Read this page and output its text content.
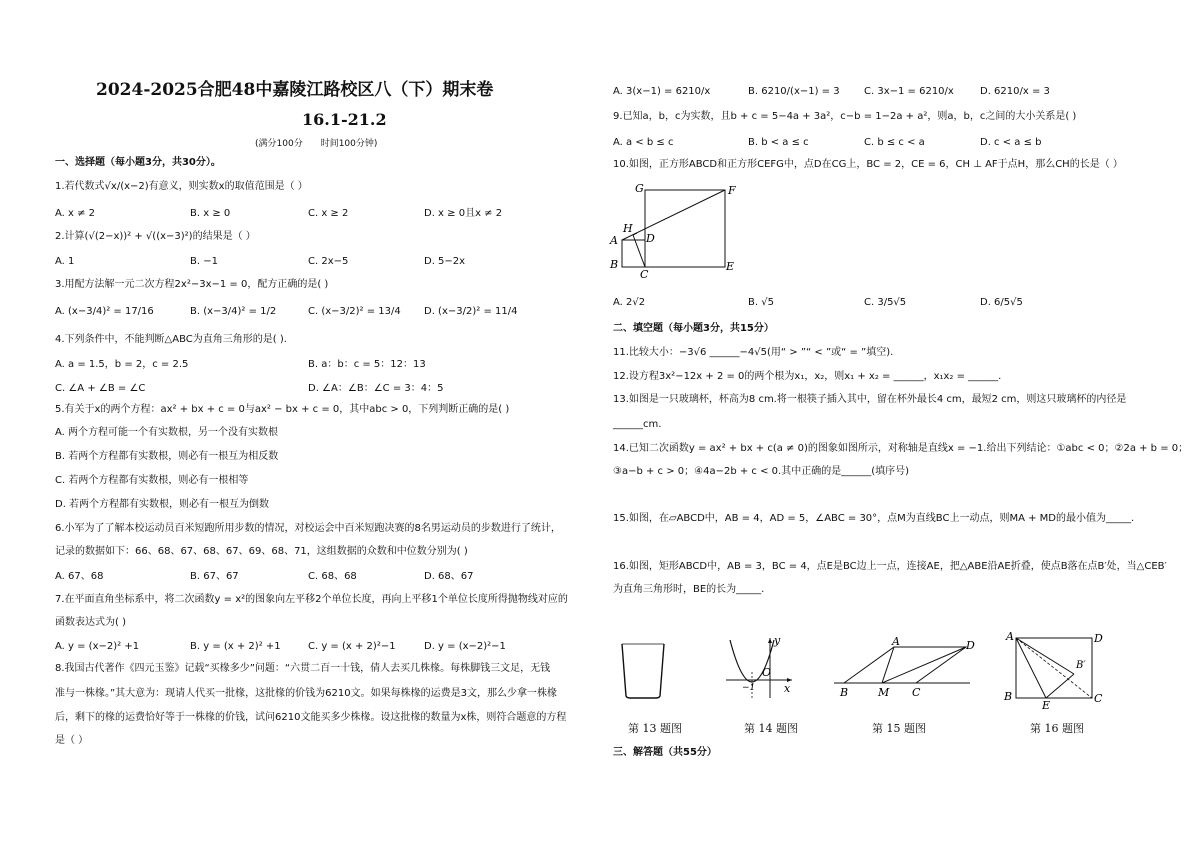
2024-2025合肥48中嘉陵江路校区八（下）期末卷
16.1-21.2
(满分100分　　时间100分钟)
一、选择题（每小题3分，共30分）。
1.若代数式√x/(x−2)有意义，则实数x的取值范围是（ ）
A. x ≠ 2	B. x ≥ 0	C. x ≥ 2	D. x ≥ 0且x ≠ 2
2.计算(√(2−x))² + √((x−3)²)的结果是（ ）
A. 1	B. −1	C. 2x−5	D. 5−2x
3.用配方法解一元二次方程2x²−3x−1 = 0，配方正确的是( )
A. (x−3/4)² = 17/16	B. (x−3/4)² = 1/2	C. (x−3/2)² = 13/4 D. (x−3/2)² = 11/4
4.下列条件中，不能判断△ABC为直角三角形的是( ).
A. a = 1.5，b = 2，c = 2.5	B. a：b：c = 5：12：13
C. ∠A + ∠B = ∠C	D. ∠A：∠B：∠C = 3：4：5
5.有关于x的两个方程：ax² + bx + c = 0与ax² − bx + c = 0，其中abc > 0，下列判断正确的是( )
A. 两个方程可能一个有实数根，另一个没有实数根
B. 若两个方程都有实数根，则必有一根互为相反数
C. 若两个方程都有实数根，则必有一根相等
D. 若两个方程都有实数根，则必有一根互为倒数
6.小军为了了解本校运动员百米短跑所用步数的情况，对校运会中百米短跑决赛的8名男运动员的步数进行了统计，
记录的数据如下：66、68、67、68、67、69、68、71，这组数据的众数和中位数分别为( )
A. 67、68	B. 67、67	C. 68、68	D. 68、67
7.在平面直角坐标系中，将二次函数y = x²的图象向左平移2个单位长度，再向上平移1个单位长度所得抛物线对应的
函数表达式为( )
A. y = (x−2)² +1	B. y = (x + 2)² +1	C. y = (x + 2)²−1	D. y = (x−2)²−1
8.我国古代著作《四元玉鉴》记载“买椽多少”问题：“六贯二百一十钱，倩人去买几株椽。每株脚钱三文足，无钱
准与一株椽。”其大意为：现请人代买一批椽，这批椽的价钱为6210文。如果每株椽的运费是3文，那么少拿一株椽
后，剩下的椽的运费恰好等于一株椽的价钱，试问6210文能买多少株椽。设这批椽的数量为x株，则符合题意的方程
是（ ）
A. 3(x−1) = 6210/x	B. 6210/(x−1) = 3 C. 3x−1 = 6210/x	D. 6210/x = 3
9.已知a，b，c为实数，且b + c = 5−4a + 3a²，c−b = 1−2a + a²，则a，b，c之间的大小关系是( )
A. a < b ≤ c	B. b < a ≤ c	C. b ≤ c < a	D. c < a ≤ b
10.如图，正方形ABCD和正方形CEFG中，点D在CG上，BC = 2，CE = 6，CH ⊥ AF于点H，那么CH的长是（ ）
G	F
H
D
A
B
C
E
A. 2√2	B. √5	C. 3/5√5	D. 6/5√5
二、填空题（每小题3分，共15分）
11.比较大小：−3√6 ______−4√5(用“ > ”“ < ”或“ = ”填空).
12.设方程3x²−12x + 2 = 0的两个根为x₁，x₂，则x₁ + x₂ = ______，x₁x₂ = ______.
13.如图是一只玻璃杯，杯高为8 cm.将一根筷子插入其中，留在杯外最长4 cm，最短2 cm，则这只玻璃杯的内径是
______cm.
14.已知二次函数y = ax² + bx + c(a ≠ 0)的图象如图所示，对称轴是直线x = −1.给出下列结论：①abc < 0；②2a + b = 0；
③a−b + c > 0；④4a−2b + c < 0.其中正确的是______(填序号)
15.如图，在▱ABCD中，AB = 4，AD = 5，∠ABC = 30°，点M为直线BC上一动点，则MA + MD的最小值为_____.
16.如图，矩形ABCD中，AB = 3，BC = 4，点E是BC边上一点，连接AE，把△ABE沿AE折叠，使点B落在点B′处，当△CEB′
为直角三角形时，BE的长为_____.
y
O
x
−1
A	D
B	M C
A	D
B′
B
E
C
第 13 题图	第 14 题图	第 15 题图	第 16 题图
三、解答题（共55分）
